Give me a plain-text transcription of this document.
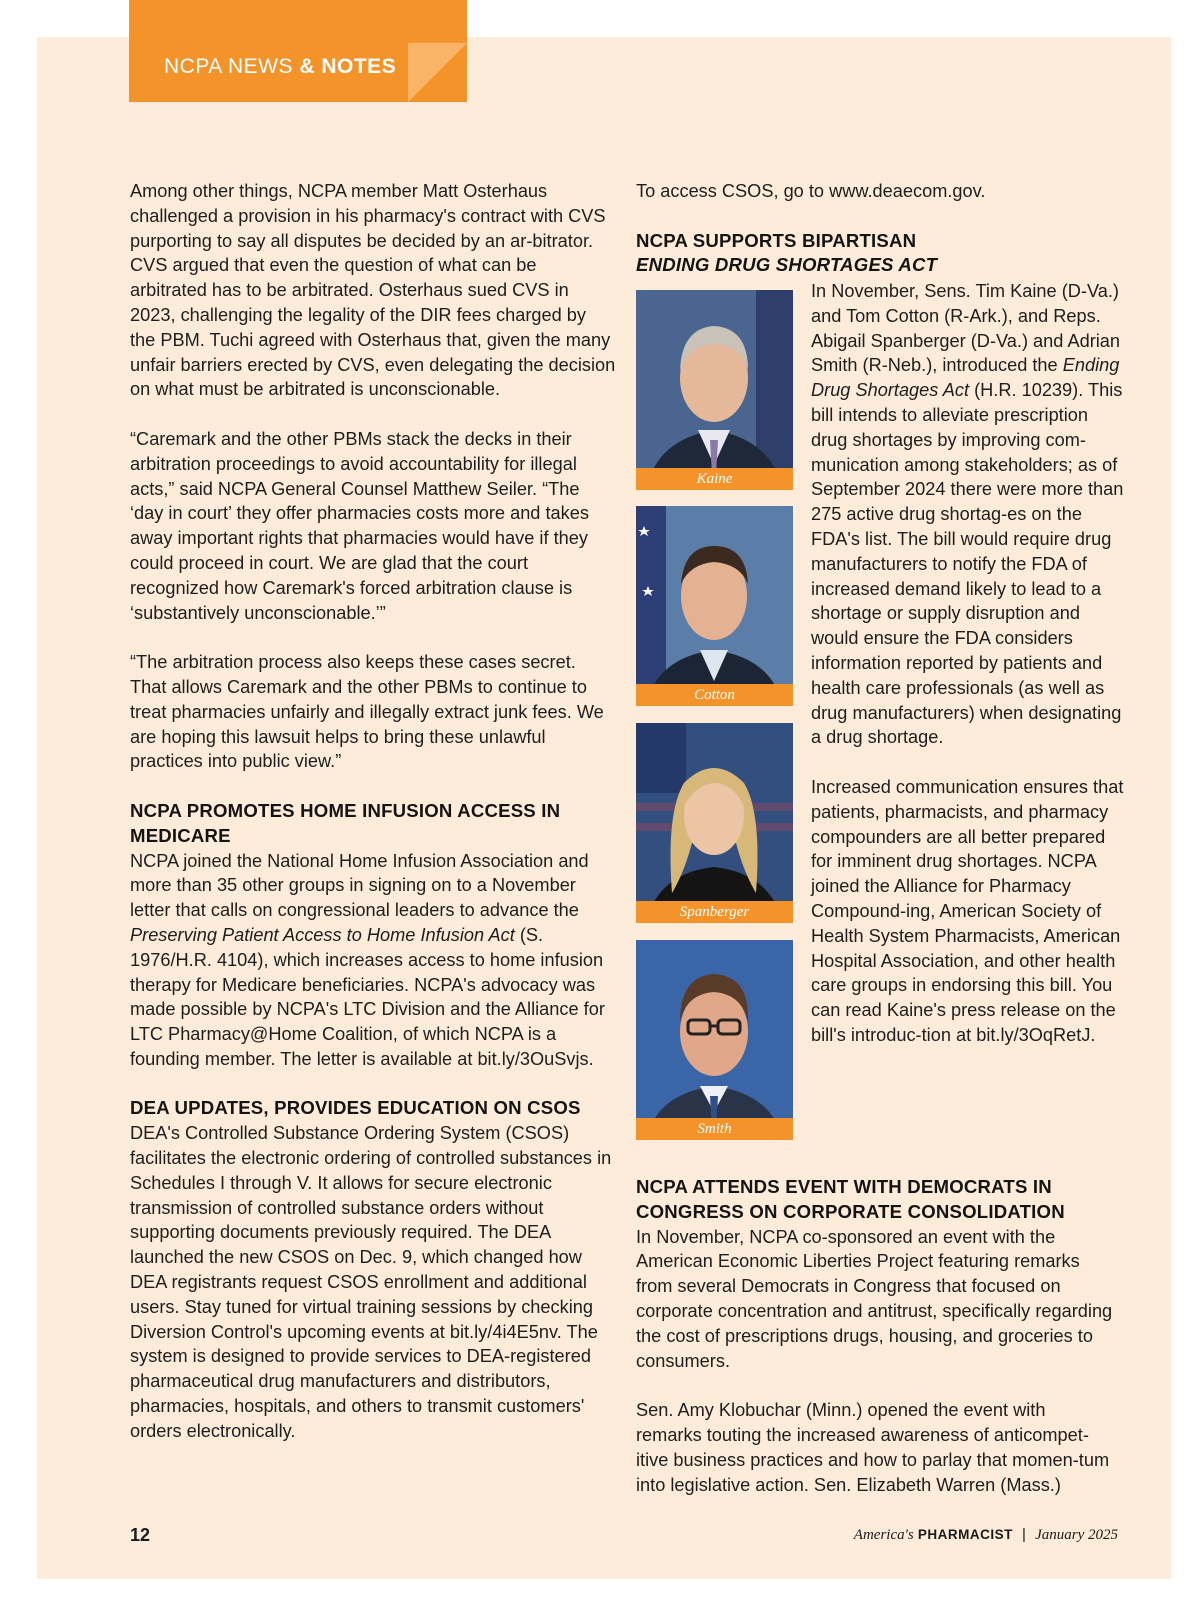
NCPA NEWS & NOTES

Among other things, NCPA member Matt Osterhaus challenged a provision in his pharmacy's contract with CVS purporting to say all disputes be decided by an ar-bitrator. CVS argued that even the question of what can be arbitrated has to be arbitrated. Osterhaus sued CVS in 2023, challenging the legality of the DIR fees charged by the PBM. Tuchi agreed with Osterhaus that, given the many unfair barriers erected by CVS, even delegating the decision on what must be arbitrated is unconscionable.

“Caremark and the other PBMs stack the decks in their arbitration proceedings to avoid accountability for illegal acts,” said NCPA General Counsel Matthew Seiler. “The ‘day in court’ they offer pharmacies costs more and takes away important rights that pharmacies would have if they could proceed in court. We are glad that the court recognized how Caremark's forced arbitration clause is ‘substantively unconscionable.’”

“The arbitration process also keeps these cases secret. That allows Caremark and the other PBMs to continue to treat pharmacies unfairly and illegally extract junk fees. We are hoping this lawsuit helps to bring these unlawful practices into public view.”

NCPA PROMOTES HOME INFUSION ACCESS IN MEDICARE

NCPA joined the National Home Infusion Association and more than 35 other groups in signing on to a November letter that calls on congressional leaders to advance the Preserving Patient Access to Home Infusion Act (S. 1976/H.R. 4104), which increases access to home infusion therapy for Medicare beneficiaries. NCPA's advocacy was made possible by NCPA's LTC Division and the Alliance for LTC Pharmacy@Home Coalition, of which NCPA is a founding member. The letter is available at bit.ly/3OuSvjs.

DEA UPDATES, PROVIDES EDUCATION ON CSOS

DEA's Controlled Substance Ordering System (CSOS) facilitates the electronic ordering of controlled substances in Schedules I through V. It allows for secure electronic transmission of controlled substance orders without supporting documents previously required. The DEA launched the new CSOS on Dec. 9, which changed how DEA registrants request CSOS enrollment and additional users. Stay tuned for virtual training sessions by checking Diversion Control's upcoming events at bit.ly/4i4E5nv. The system is designed to provide services to DEA-registered pharmaceutical drug manufacturers and distributors, pharmacies, hospitals, and others to transmit customers' orders electronically.

To access CSOS, go to www.deaecom.gov.

NCPA SUPPORTS BIPARTISAN
ENDING DRUG SHORTAGES ACT
Kaine
Cotton
Spanberger
Smith

In November, Sens. Tim Kaine (D-Va.) and Tom Cotton (R-Ark.), and Reps. Abigail Spanberger (D-Va.) and Adrian Smith (R-Neb.), introduced the Ending Drug Shortages Act (H.R. 10239). This bill intends to alleviate prescription drug shortages by improving com-munication among stakeholders; as of September 2024 there were more than 275 active drug shortag-es on the FDA's list. The bill would require drug manufacturers to notify the FDA of increased demand likely to lead to a shortage or supply disruption and would ensure the FDA considers information reported by patients and health care professionals (as well as drug manufacturers) when designating a drug shortage.

Increased communication ensures that patients, pharmacists, and pharmacy compounders are all better prepared for imminent drug shortages. NCPA joined the Alliance for Pharmacy Compound-ing, American Society of Health System Pharmacists, American Hospital Association, and other health care groups in endorsing this bill. You can read Kaine's press release on the bill's introduc-tion at bit.ly/3OqRetJ.

NCPA ATTENDS EVENT WITH DEMOCRATS IN CONGRESS ON CORPORATE CONSOLIDATION

In November, NCPA co-sponsored an event with the American Economic Liberties Project featuring remarks from several Democrats in Congress that focused on corporate concentration and antitrust, specifically regarding the cost of prescriptions drugs, housing, and groceries to consumers.

Sen. Amy Klobuchar (Minn.) opened the event with remarks touting the increased awareness of anticompet-itive business practices and how to parlay that momen-tum into legislative action. Sen. Elizabeth Warren (Mass.)

12	America's PHARMACIST | January 2025
